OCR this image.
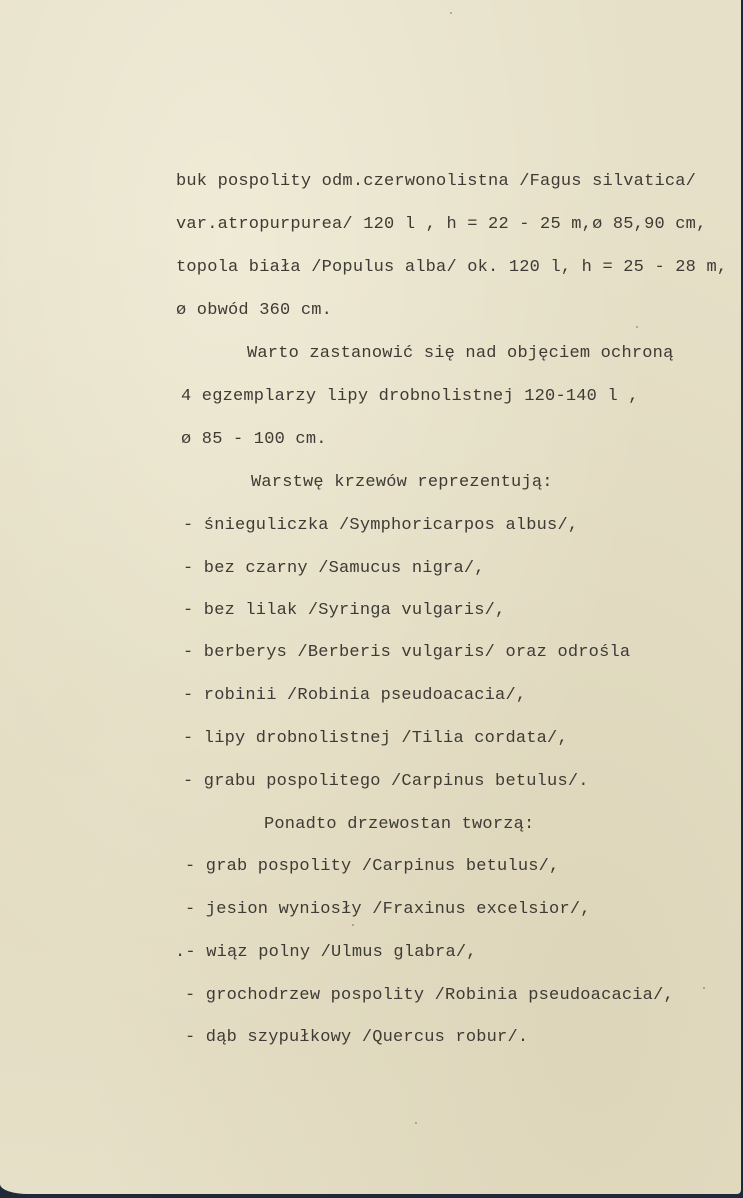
buk pospolity odm.czerwonolistna /Fagus silvatica/
var.atropurpurea/ 120 l , h = 22 - 25 m,ø 85,90 cm,
topola biała /Populus alba/ ok. 120 l, h = 25 - 28 m,
ø obwód 360 cm.
Warto zastanowić się nad objęciem ochroną
4 egzemplarzy lipy drobnolistnej 120-140 l ,
ø 85 - 100 cm.
Warstwę krzewów reprezentują:
- śnieguliczka /Symphoricarpos albus/,
- bez czarny /Samucus nigra/,
- bez lilak /Syringa vulgaris/,
- berberys /Berberis vulgaris/ oraz odrośla
- robinii /Robinia pseudoacacia/,
- lipy drobnolistnej /Tilia cordata/,
- grabu pospolitego /Carpinus betulus/.
Ponadto drzewostan tworzą:
- grab pospolity /Carpinus betulus/,
- jesion wyniosły /Fraxinus excelsior/,
.- wiąz polny /Ulmus glabra/,
- grochodrzew pospolity /Robinia pseudoacacia/,
- dąb szypułkowy /Quercus robur/.
